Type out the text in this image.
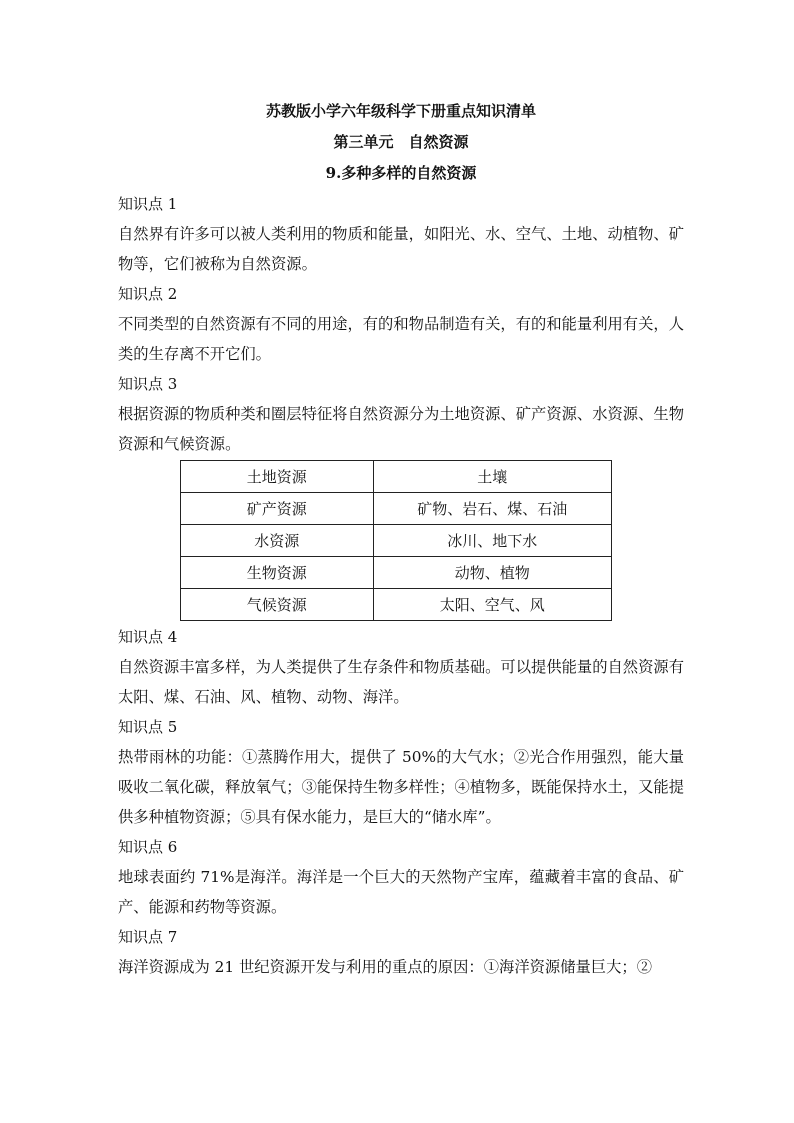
苏教版小学六年级科学下册重点知识清单

第三单元　自然资源

9.多种多样的自然资源

知识点 1

自然界有许多可以被人类利用的物质和能量，如阳光、水、空气、土地、动植物、矿物等，它们被称为自然资源。

知识点 2

不同类型的自然资源有不同的用途，有的和物品制造有关，有的和能量利用有关，人类的生存离不开它们。

知识点 3

根据资源的物质种类和圈层特征将自然资源分为土地资源、矿产资源、水资源、生物资源和气候资源。

土地资源	土壤
矿产资源	矿物、岩石、煤、石油
水资源	冰川、地下水
生物资源	动物、植物
气候资源	太阳、空气、风

知识点 4

自然资源丰富多样，为人类提供了生存条件和物质基础。可以提供能量的自然资源有太阳、煤、石油、风、植物、动物、海洋。

知识点 5

热带雨林的功能：①蒸腾作用大，提供了 50%的大气水；②光合作用强烈，能大量吸收二氧化碳，释放氧气；③能保持生物多样性；④植物多，既能保持水土，又能提供多种植物资源；⑤具有保水能力，是巨大的“储水库”。

知识点 6

地球表面约 71%是海洋。海洋是一个巨大的天然物产宝库，蕴藏着丰富的食品、矿产、能源和药物等资源。

知识点 7

海洋资源成为 21 世纪资源开发与利用的重点的原因：①海洋资源储量巨大；②
